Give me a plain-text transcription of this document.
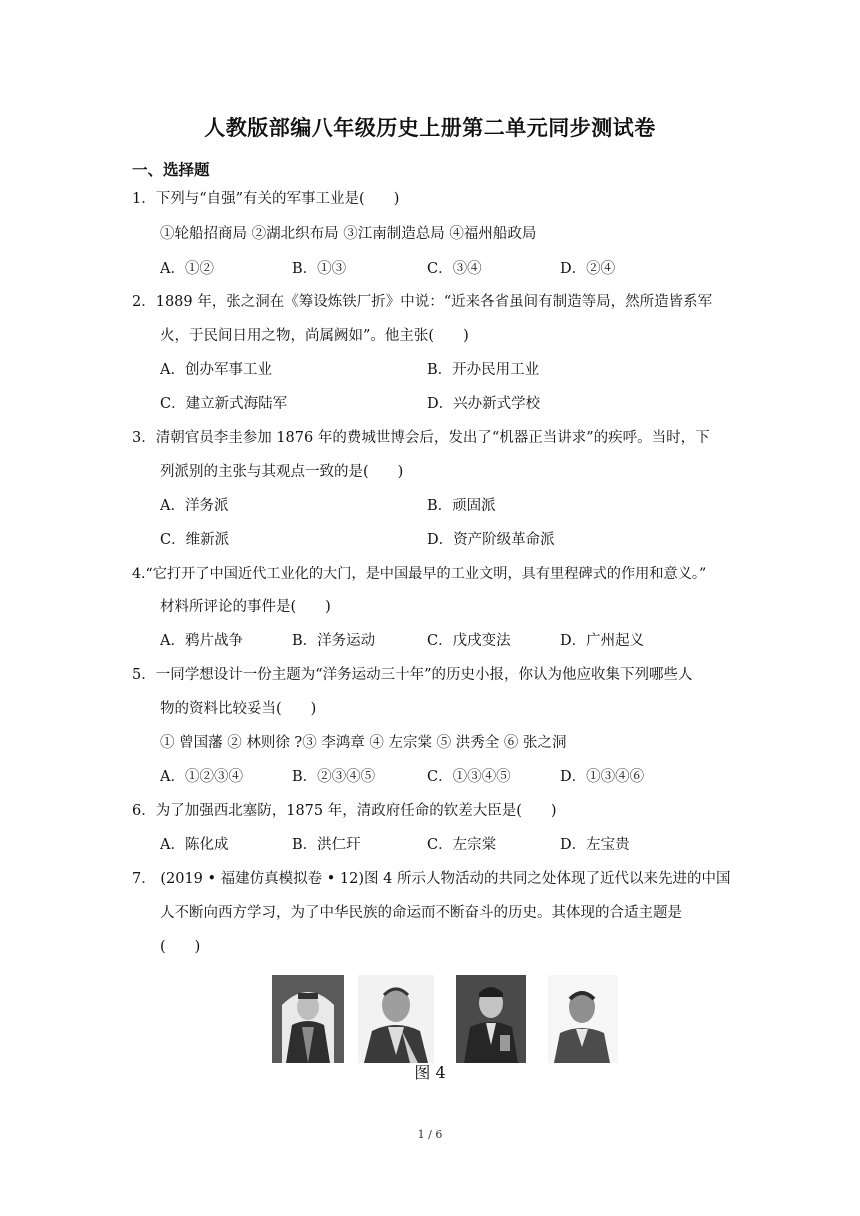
人教版部编八年级历史上册第二单元同步测试卷
一、选择题
1．下列与“自强”有关的军事工业是(　　)
①轮船招商局 ②湖北织布局 ③江南制造总局 ④福州船政局
A．①②	B．①③	C．③④	D．②④
2．1889 年，张之洞在《筹设炼铁厂折》中说：“近来各省虽间有制造等局，然所造皆系军
火，于民间日用之物，尚属阙如”。他主张(　　)
A．创办军事工业	B．开办民用工业
C．建立新式海陆军	D．兴办新式学校
3．清朝官员李圭参加 1876 年的费城世博会后，发出了“机器正当讲求”的疾呼。当时，下
列派别的主张与其观点一致的是(　　)
A．洋务派	B．顽固派
C．维新派	D．资产阶级革命派
4.“它打开了中国近代工业化的大门，是中国最早的工业文明，具有里程碑式的作用和意义。”
材料所评论的事件是(　　)
A．鸦片战争	B．洋务运动	C．戊戌变法	D．广州起义
5．一同学想设计一份主题为“洋务运动三十年”的历史小报，你认为他应收集下列哪些人
物的资料比较妥当(　　)
① 曾国藩 ② 林则徐 ?③ 李鸿章 ④ 左宗棠 ⑤ 洪秀全 ⑥ 张之洞
A．①②③④	B．②③④⑤	C．①③④⑤	D．①③④⑥
6．为了加强西北塞防，1875 年，清政府任命的钦差大臣是(　　)
A．陈化成	B．洪仁玕	C．左宗棠	D．左宝贵
7． (2019 • 福建仿真模拟卷 • 12)图 4 所示人物活动的共同之处体现了近代以来先进的中国
人不断向西方学习，为了中华民族的命运而不断奋斗的历史。其体现的合适主题是
(　　)
图 4
1 / 6
